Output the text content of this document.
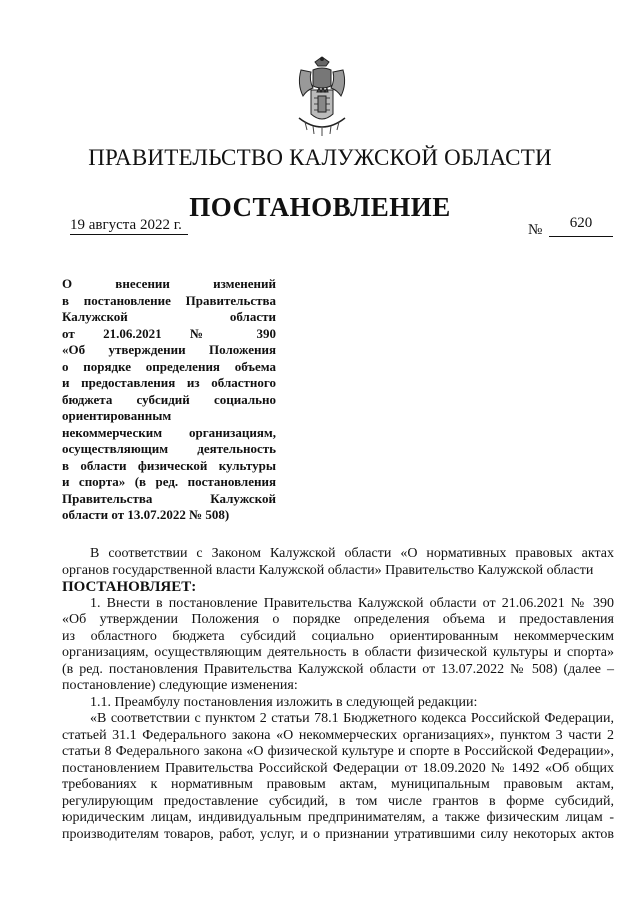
ПРАВИТЕЛЬСТВО КАЛУЖСКОЙ ОБЛАСТИ
ПОСТАНОВЛЕНИЕ
19 августа 2022 г.	№	620
О внесении изменений
в постановление Правительства
Калужской области
от 21.06.2021 № 390
«Об утверждении Положения
о порядке определения объема
и предоставления из областного
бюджета субсидий социально
ориентированным
некоммерческим организациям,
осуществляющим деятельность
в области физической культуры
и спорта» (в ред. постановления
Правительства Калужской
области от 13.07.2022 № 508)
В соответствии с Законом Калужской области «О нормативных правовых актах
органов государственной власти Калужской области» Правительство Калужской области
ПОСТАНОВЛЯЕТ:
1. Внести в постановление Правительства Калужской области от 21.06.2021 № 390
«Об утверждении Положения о порядке определения объема и предоставления
из областного бюджета субсидий социально ориентированным некоммерческим
организациям, осуществляющим деятельность в области физической культуры и спорта»
(в ред. постановления Правительства Калужской области от 13.07.2022 № 508) (далее –
постановление) следующие изменения:
1.1. Преамбулу постановления изложить в следующей редакции:
«В соответствии с пунктом 2 статьи 78.1 Бюджетного кодекса Российской Федерации,
статьей 31.1 Федерального закона «О некоммерческих организациях», пунктом 3 части 2
статьи 8 Федерального закона «О физической культуре и спорте в Российской Федерации»,
постановлением Правительства Российской Федерации от 18.09.2020 № 1492 «Об общих
требованиях к нормативным правовым актам, муниципальным правовым актам,
регулирующим предоставление субсидий, в том числе грантов в форме субсидий,
юридическим лицам, индивидуальным предпринимателям, а также физическим лицам -
производителям товаров, работ, услуг, и о признании утратившими силу некоторых актов
